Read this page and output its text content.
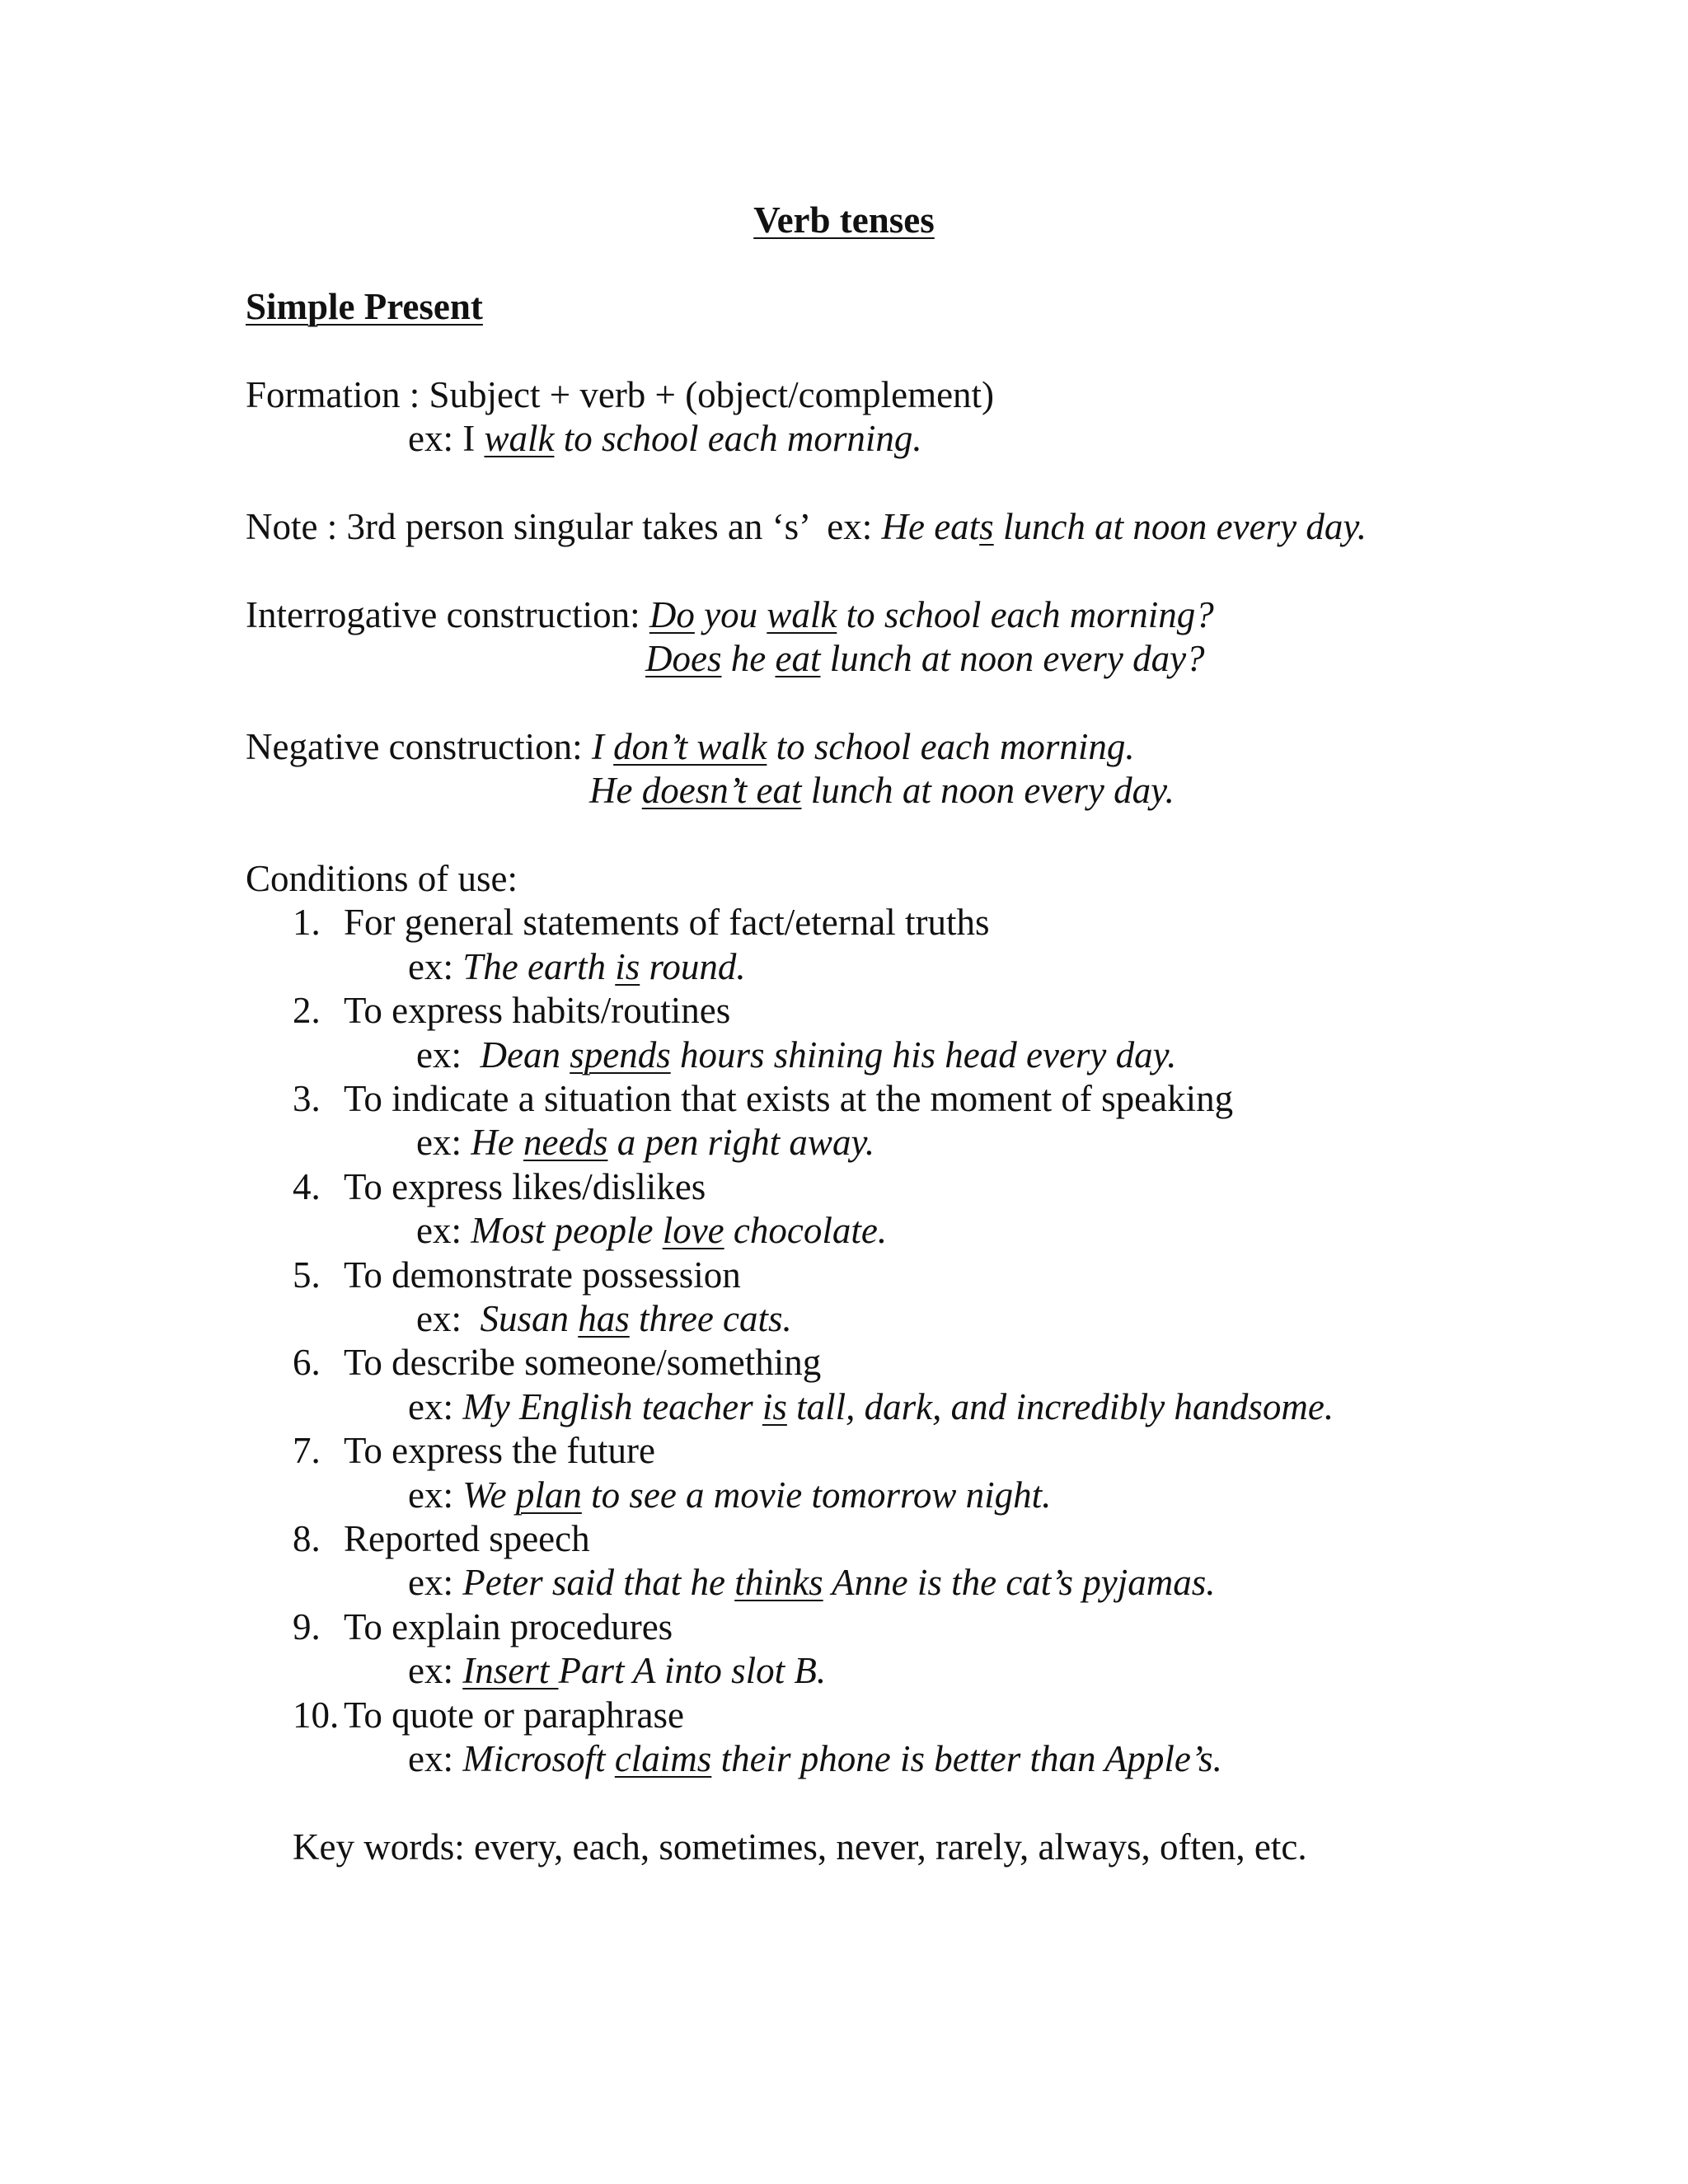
Verb tenses
Simple Present
Formation : Subject + verb + (object/complement)
ex: I walk to school each morning.
Note : 3rd person singular takes an ‘s’  ex: He eats lunch at noon every day.
Interrogative construction: Do you walk to school each morning?
Does he eat lunch at noon every day?
Negative construction: I don’t walk to school each morning.
He doesn’t eat lunch at noon every day.
Conditions of use:
1. For general statements of fact/eternal truths
ex: The earth is round.
2. To express habits/routines
ex:  Dean spends hours shining his head every day.
3. To indicate a situation that exists at the moment of speaking
ex: He needs a pen right away.
4. To express likes/dislikes
ex: Most people love chocolate.
5. To demonstrate possession
ex:  Susan has three cats.
6. To describe someone/something
ex: My English teacher is tall, dark, and incredibly handsome.
7. To express the future
ex: We plan to see a movie tomorrow night.
8. Reported speech
ex: Peter said that he thinks Anne is the cat’s pyjamas.
9. To explain procedures
ex: Insert Part A into slot B.
10. To quote or paraphrase
ex: Microsoft claims their phone is better than Apple’s.
Key words: every, each, sometimes, never, rarely, always, often, etc.
